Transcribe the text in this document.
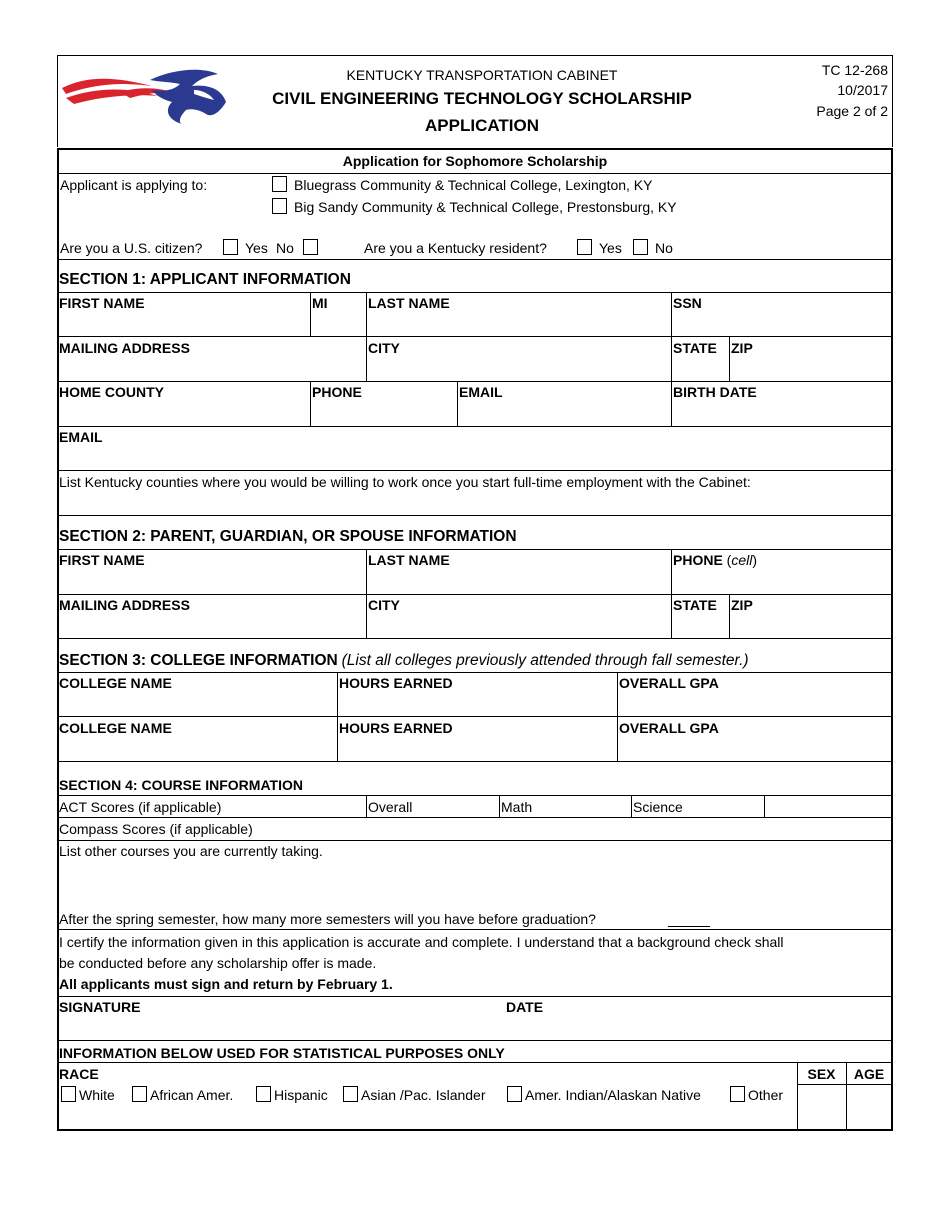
KENTUCKY TRANSPORTATION CABINET
CIVIL ENGINEERING TECHNOLOGY SCHOLARSHIP
APPLICATION
TC 12-268
10/2017
Page 2 of 2
Application for Sophomore Scholarship
Applicant is applying to:	Bluegrass Community & Technical College, Lexington, KY
Big Sandy Community & Technical College, Prestonsburg, KY
Are you a U.S. citizen?	Yes No	Are you a Kentucky resident?	Yes No
SECTION 1: APPLICANT INFORMATION
FIRST NAME	MI	LAST NAME	SSN
MAILING ADDRESS	CITY	STATE ZIP
HOME COUNTY	PHONE	EMAIL	BIRTH DATE
EMAIL
List Kentucky counties where you would be willing to work once you start full-time employment with the Cabinet:
SECTION 2: PARENT, GUARDIAN, OR SPOUSE INFORMATION
FIRST NAME	LAST NAME	PHONE (cell)
MAILING ADDRESS	CITY	STATE ZIP
SECTION 3: COLLEGE INFORMATION (List all colleges previously attended through fall semester.)
COLLEGE NAME	HOURS EARNED	OVERALL GPA
COLLEGE NAME	HOURS EARNED	OVERALL GPA
SECTION 4: COURSE INFORMATION
ACT Scores (if applicable)	Overall	Math	Science
Compass Scores (if applicable)
List other courses you are currently taking.
After the spring semester, how many more semesters will you have before graduation?
I certify the information given in this application is accurate and complete. I understand that a background check shall
be conducted before any scholarship offer is made.
All applicants must sign and return by February 1.
SIGNATURE	DATE
INFORMATION BELOW USED FOR STATISTICAL PURPOSES ONLY
RACE	SEX	AGE
White	African Amer.	Hispanic Asian /Pac. Islander	Amer. Indian/Alaskan Native	Other
